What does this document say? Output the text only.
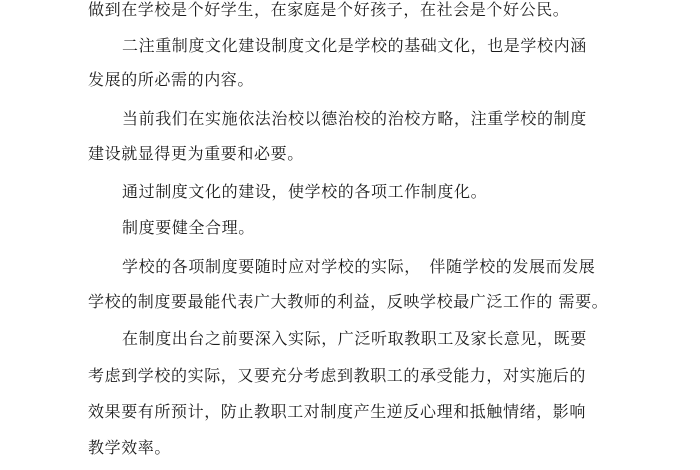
做到在学校是个好学生，在家庭是个好孩子，在社会是个好公民。
二注重制度文化建设制度文化是学校的基础文化，也是学校内涵
发展的所必需的内容。
当前我们在实施依法治校以德治校的治校方略，注重学校的制度
建设就显得更为重要和必要。
通过制度文化的建设，使学校的各项工作制度化。
制度要健全合理。
学校的各项制度要随时应对学校的实际，　伴随学校的发展而发展
学校的制度要最能代表广大教师的利益，反映学校最广泛工作的 需要。
在制度出台之前要深入实际，广泛听取教职工及家长意见，既要
考虑到学校的实际，又要充分考虑到教职工的承受能力，对实施后的
效果要有所预计，防止教职工对制度产生逆反心理和抵触情绪，影响
教学效率。
